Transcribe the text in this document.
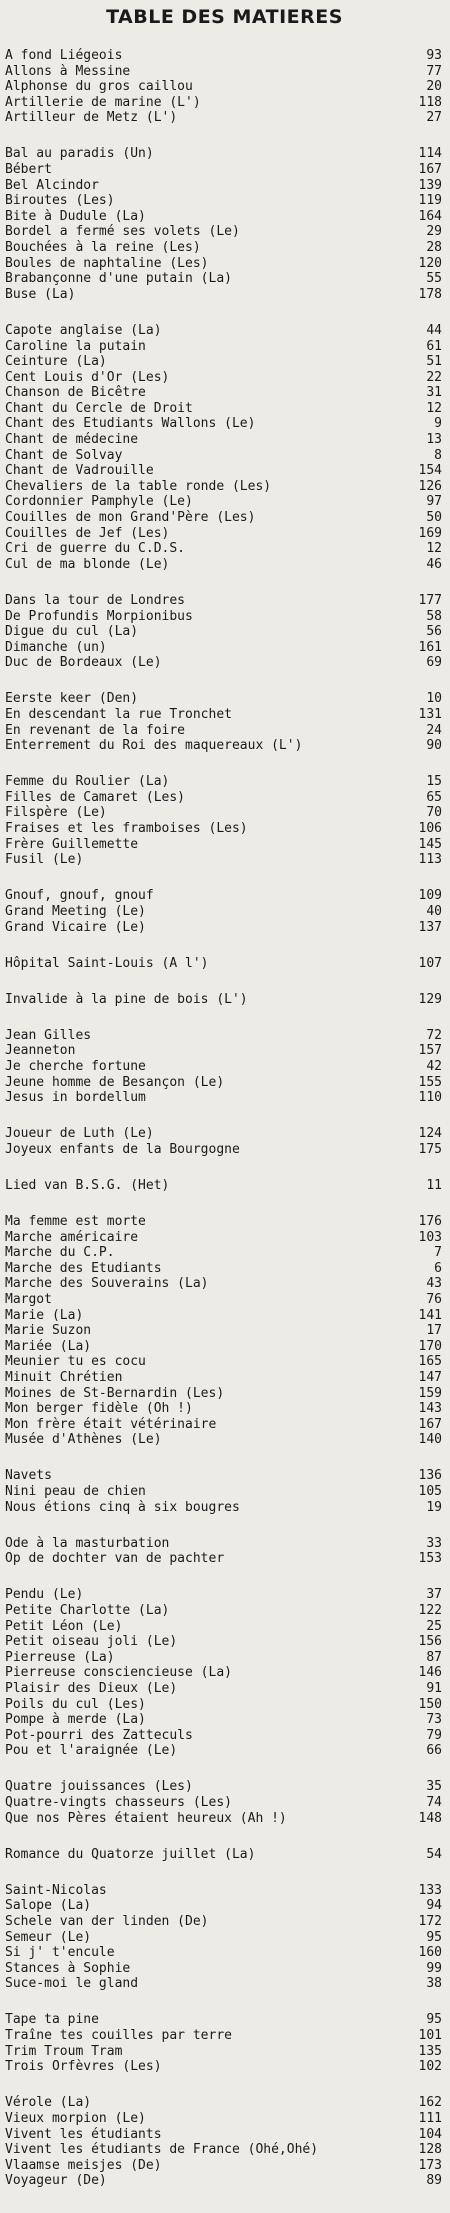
TABLE DES MATIERES
A fond Liégeois	93
Allons à Messine	77
Alphonse du gros caillou	20
Artillerie de marine (L')	118
Artilleur de Metz (L')	27
Bal au paradis (Un)	114
Bébert	167
Bel Alcindor	139
Biroutes (Les)	119
Bite à Dudule (La)	164
Bordel a fermé ses volets (Le)	29
Bouchées à la reine (Les)	28
Boules de naphtaline (Les)	120
Brabançonne d'une putain (La)	55
Buse (La)	178
Capote anglaise (La)	44
Caroline la putain	61
Ceinture (La)	51
Cent Louis d'Or (Les)	22
Chanson de Bicêtre	31
Chant du Cercle de Droit	12
Chant des Etudiants Wallons (Le)	9
Chant de médecine	13
Chant de Solvay	8
Chant de Vadrouille	154
Chevaliers de la table ronde (Les)	126
Cordonnier Pamphyle (Le)	97
Couilles de mon Grand'Père (Les)	50
Couilles de Jef (Les)	169
Cri de guerre du C.D.S.	12
Cul de ma blonde (Le)	46
Dans la tour de Londres	177
De Profundis Morpionibus	58
Digue du cul (La)	56
Dimanche (un)	161
Duc de Bordeaux (Le)	69
Eerste keer (Den)	10
En descendant la rue Tronchet	131
En revenant de la foire	24
Enterrement du Roi des maquereaux (L')	90
Femme du Roulier (La)	15
Filles de Camaret (Les)	65
Filspère (Le)	70
Fraises et les framboises (Les)	106
Frère Guillemette	145
Fusil (Le)	113
Gnouf, gnouf, gnouf	109
Grand Meeting (Le)	40
Grand Vicaire (Le)	137
Hôpital Saint-Louis (A l')	107
Invalide à la pine de bois (L')	129
Jean Gilles	72
Jeanneton	157
Je cherche fortune	42
Jeune homme de Besançon (Le)	155
Jesus in bordellum	110
Joueur de Luth (Le)	124
Joyeux enfants de la Bourgogne	175
Lied van B.S.G. (Het)	11
Ma femme est morte	176
Marche américaire	103
Marche du C.P.	7
Marche des Etudiants	6
Marche des Souverains (La)	43
Margot	76
Marie (La)	141
Marie Suzon	17
Mariée (La)	170
Meunier tu es cocu	165
Minuit Chrétien	147
Moines de St-Bernardin (Les)	159
Mon berger fidèle (Oh !)	143
Mon frère était vétérinaire	167
Musée d'Athènes (Le)	140
Navets	136
Nini peau de chien	105
Nous étions cinq à six bougres	19
Ode à la masturbation	33
Op de dochter van de pachter	153
Pendu (Le)	37
Petite Charlotte (La)	122
Petit Léon (Le)	25
Petit oiseau joli (Le)	156
Pierreuse (La)	87
Pierreuse consciencieuse (La)	146
Plaisir des Dieux (Le)	91
Poils du cul (Les)	150
Pompe à merde (La)	73
Pot-pourri des Zatteculs	79
Pou et l'araignée (Le)	66
Quatre jouissances (Les)	35
Quatre-vingts chasseurs (Les)	74
Que nos Pères étaient heureux (Ah !)	148
Romance du Quatorze juillet (La)	54
Saint-Nicolas	133
Salope (La)	94
Schele van der linden (De)	172
Semeur (Le)	95
Si j' t'encule	160
Stances à Sophie	99
Suce-moi le gland	38
Tape ta pine	95
Traîne tes couilles par terre	101
Trim Troum Tram	135
Trois Orfèvres (Les)	102
Vérole (La)	162
Vieux morpion (Le)	111
Vivent les étudiants	104
Vivent les étudiants de France (Ohé,Ohé)	128
Vlaamse meisjes (De)	173
Voyageur (De)	89
